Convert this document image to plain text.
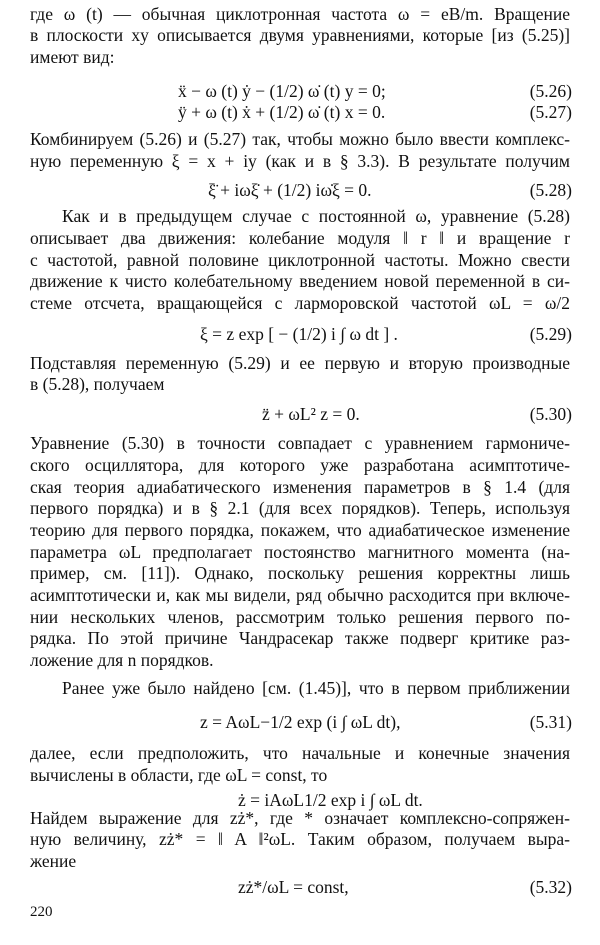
где ω (t) — обычная циклотронная частота ω = eB/m. Вращение
в плоскости xy описывается двумя уравнениями, которые [из (5.25)]
имеют вид:
ẍ − ω (t) ẏ − (1/2) ω̇ (t) y = 0;	(5.26)
ÿ + ω (t) ẋ + (1/2) ω̇ (t) x = 0.	(5.27)
Комбинируем (5.26) и (5.27) так, чтобы можно было ввести комплекс-
ную переменную ξ = x + iy (как и в § 3.3). В результате получим
ξ̈ + iωξ̇ + (1/2) iω̇ξ = 0.	(5.28)
Как и в предыдущем случае с постоянной ω, уравнение (5.28)
описывает два движения: колебание модуля ‖ r ‖ и вращение r
с частотой, равной половине циклотронной частоты. Можно свести
движение к чисто колебательному введением новой переменной в си-
стеме отсчета, вращающейся с ларморовской частотой ωL = ω/2
ξ = z exp [ − (1/2) i ∫ ω dt ] .	(5.29)
Подставляя переменную (5.29) и ее первую и вторую производные
в (5.28), получаем
z̈ + ωL² z = 0.	(5.30)
Уравнение (5.30) в точности совпадает с уравнением гармониче-
ского осциллятора, для которого уже разработана асимптотиче-
ская теория адиабатического изменения параметров в § 1.4 (для
первого порядка) и в § 2.1 (для всех порядков). Теперь, используя
теорию для первого порядка, покажем, что адиабатическое изменение
параметра ωL предполагает постоянство магнитного момента (на-
пример, см. [11]). Однако, поскольку решения корректны лишь
асимптотически и, как мы видели, ряд обычно расходится при включе-
нии нескольких членов, рассмотрим только решения первого по-
рядка. По этой причине Чандрасекар также подверг критике раз-
ложение для n порядков.
Ранее уже было найдено [см. (1.45)], что в первом приближении
z = AωL−1/2 exp (i ∫ ωL dt),	(5.31)
далее, если предположить, что начальные и конечные значения
вычислены в области, где ωL = const, то
ż = iAωL1/2 exp i ∫ ωL dt.
Найдем выражение для zż*, где * означает комплексно-сопряжен-
ную величину, zż* = ‖ A ‖²ωL. Таким образом, получаем выра-
жение
zż*/ωL = const,	(5.32)
220
